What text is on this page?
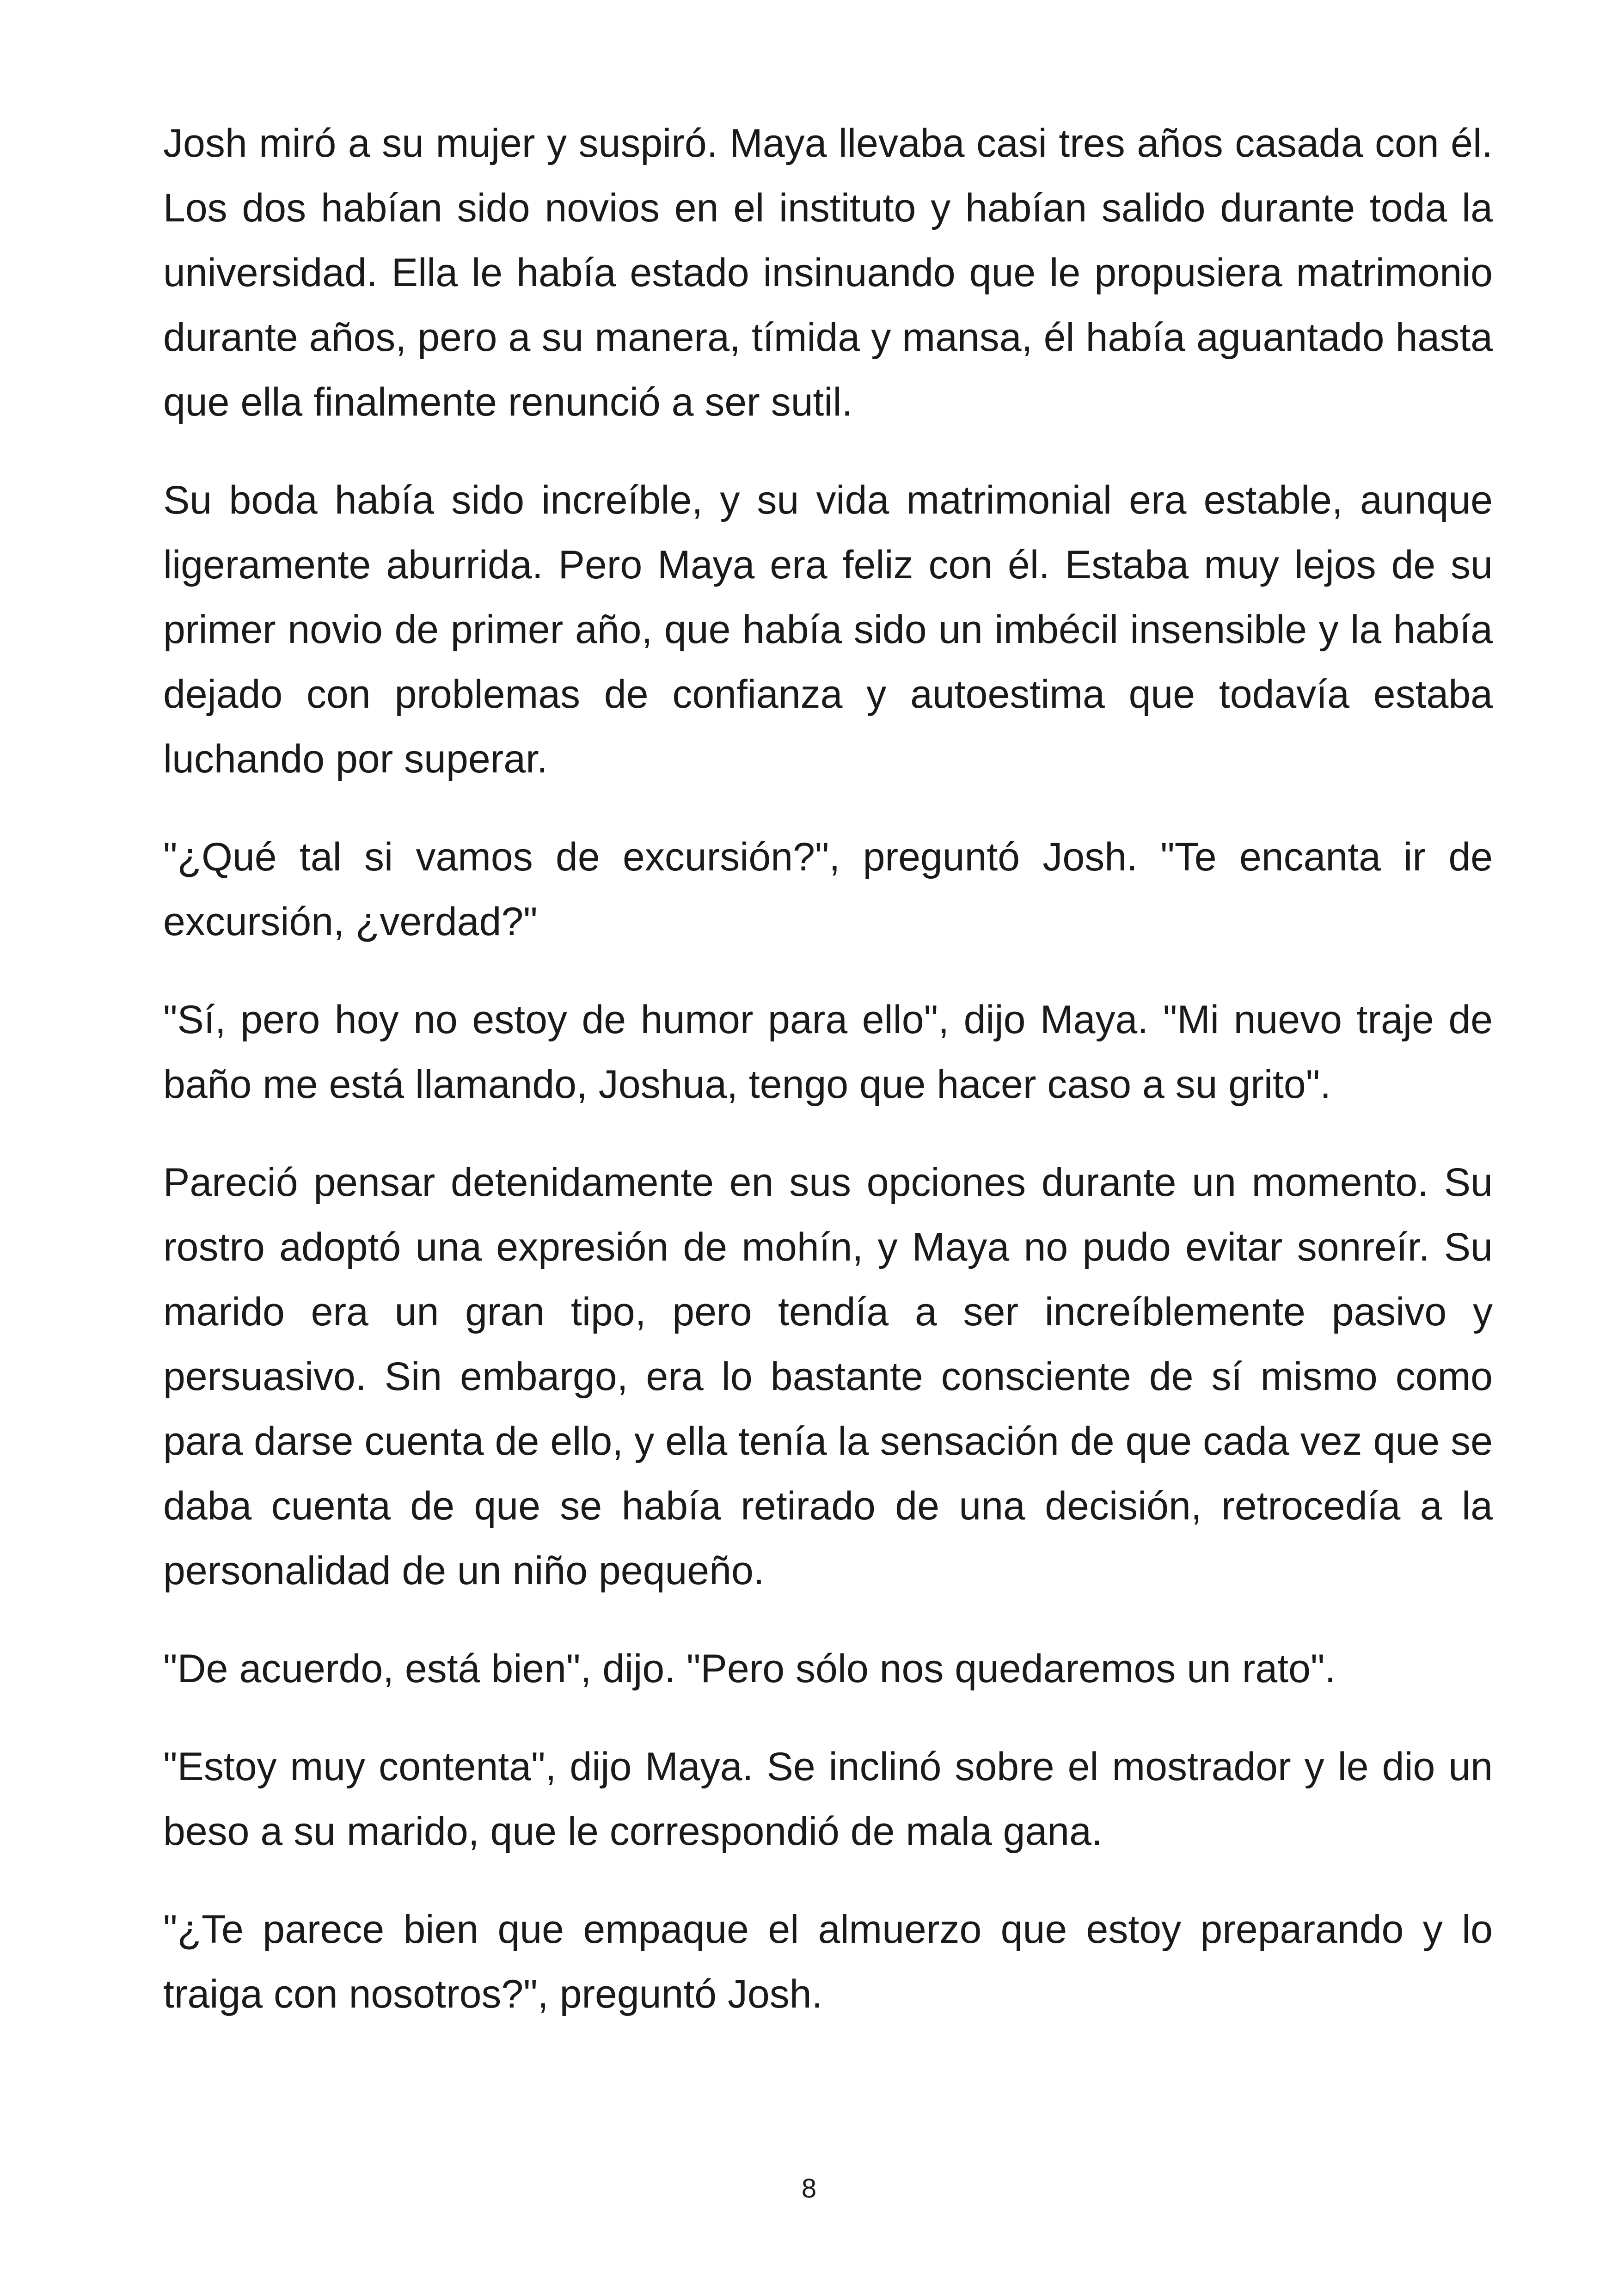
Josh miró a su mujer y suspiró. Maya llevaba casi tres años casada con él. Los dos habían sido novios en el instituto y habían salido durante toda la universidad. Ella le había estado insinuando que le propusiera matrimonio durante años, pero a su manera, tímida y mansa, él había aguantado hasta que ella finalmente renunció a ser sutil.

Su boda había sido increíble, y su vida matrimonial era estable, aunque ligeramente aburrida. Pero Maya era feliz con él. Estaba muy lejos de su primer novio de primer año, que había sido un imbécil insensible y la había dejado con problemas de confianza y autoestima que todavía estaba luchando por superar.

"¿Qué tal si vamos de excursión?", preguntó Josh. "Te encanta ir de excursión, ¿verdad?"

"Sí, pero hoy no estoy de humor para ello", dijo Maya. "Mi nuevo traje de baño me está llamando, Joshua, tengo que hacer caso a su grito".

Pareció pensar detenidamente en sus opciones durante un momento. Su rostro adoptó una expresión de mohín, y Maya no pudo evitar sonreír. Su marido era un gran tipo, pero tendía a ser increíblemente pasivo y persuasivo. Sin embargo, era lo bastante consciente de sí mismo como para darse cuenta de ello, y ella tenía la sensación de que cada vez que se daba cuenta de que se había retirado de una decisión, retrocedía a la personalidad de un niño pequeño.

"De acuerdo, está bien", dijo. "Pero sólo nos quedaremos un rato".

"Estoy muy contenta", dijo Maya. Se inclinó sobre el mostrador y le dio un beso a su marido, que le correspondió de mala gana.

"¿Te parece bien que empaque el almuerzo que estoy preparando y lo traiga con nosotros?", preguntó Josh.

8
